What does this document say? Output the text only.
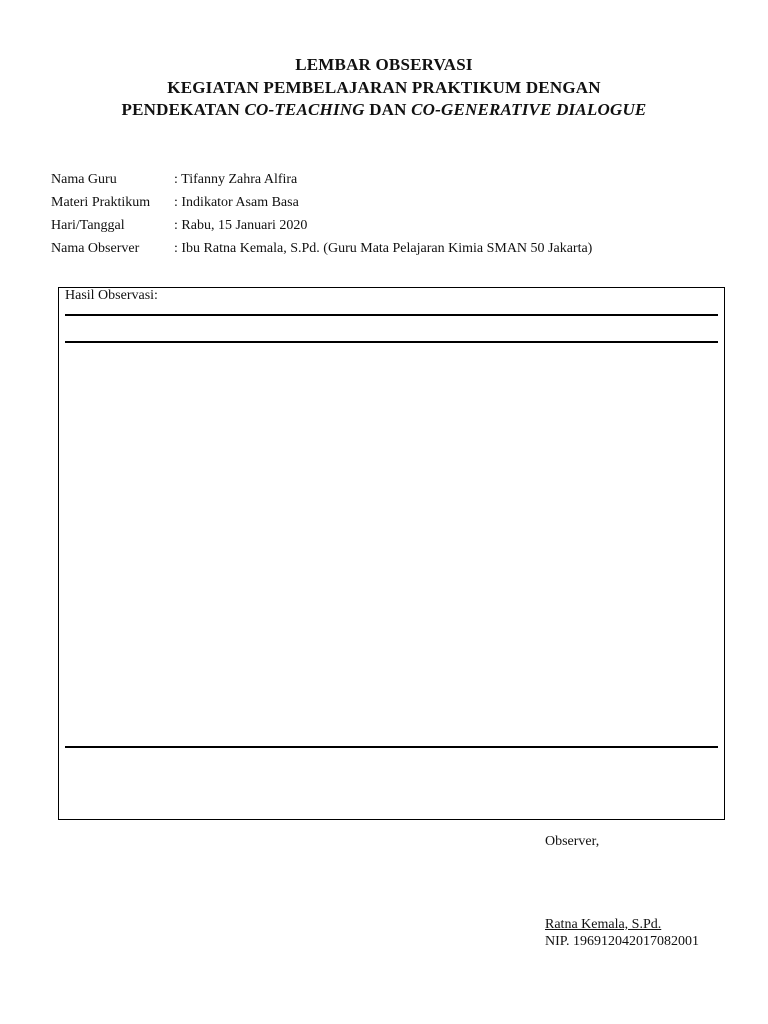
LEMBAR OBSERVASI
KEGIATAN PEMBELAJARAN PRAKTIKUM DENGAN
PENDEKATAN CO-TEACHING DAN CO-GENERATIVE DIALOGUE
Nama Guru	: Tifanny Zahra Alfira
Materi Praktikum	: Indikator Asam Basa
Hari/Tanggal	: Rabu, 15 Januari 2020
Nama Observer	: Ibu Ratna Kemala, S.Pd. (Guru Mata Pelajaran Kimia SMAN 50 Jakarta)
Hasil Observasi:
Observer,
Ratna Kemala, S.Pd.
NIP. 196912042017082001
